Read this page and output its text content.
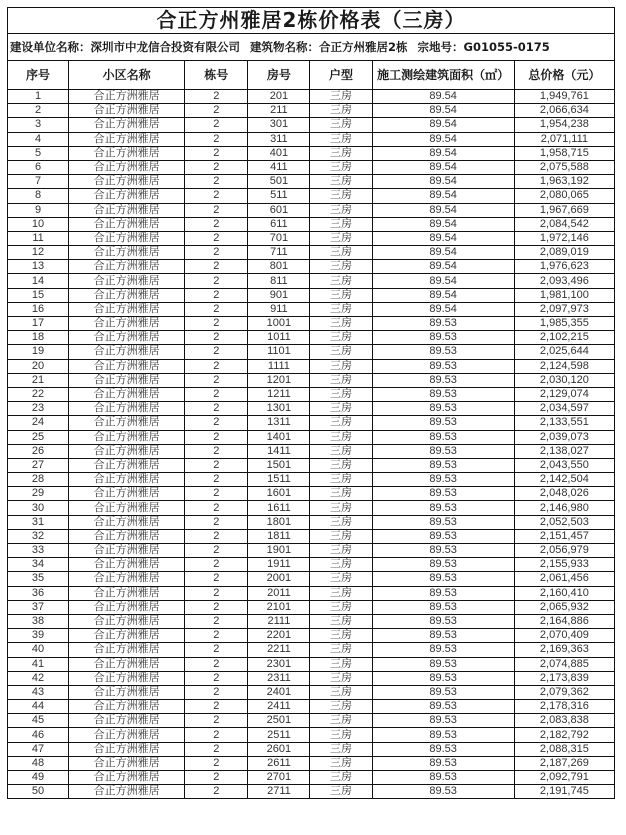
合正方州雅居2栋价格表（三房）						
建设单位名称：深圳市中龙信合投资有限公司 建筑物名称：合正方州雅居2栋 宗地号：G01055-0175						
序号	小区名称	栋号	房号	户型	施工测绘建筑面积（㎡）	总价格（元）
1	合正方洲雅居	2	201	三房	89.54	1,949,761
2	合正方洲雅居	2	211	三房	89.54	2,066,634
3	合正方洲雅居	2	301	三房	89.54	1,954,238
4	合正方洲雅居	2	311	三房	89.54	2,071,111
5	合正方洲雅居	2	401	三房	89.54	1,958,715
6	合正方洲雅居	2	411	三房	89.54	2,075,588
7	合正方洲雅居	2	501	三房	89.54	1,963,192
8	合正方洲雅居	2	511	三房	89.54	2,080,065
9	合正方洲雅居	2	601	三房	89.54	1,967,669
10	合正方洲雅居	2	611	三房	89.54	2,084,542
11	合正方洲雅居	2	701	三房	89.54	1,972,146
12	合正方洲雅居	2	711	三房	89.54	2,089,019
13	合正方洲雅居	2	801	三房	89.54	1,976,623
14	合正方洲雅居	2	811	三房	89.54	2,093,496
15	合正方洲雅居	2	901	三房	89.54	1,981,100
16	合正方洲雅居	2	911	三房	89.54	2,097,973
17	合正方洲雅居	2	1001	三房	89.53	1,985,355
18	合正方洲雅居	2	1011	三房	89.53	2,102,215
19	合正方洲雅居	2	1101	三房	89.53	2,025,644
20	合正方洲雅居	2	1111	三房	89.53	2,124,598
21	合正方洲雅居	2	1201	三房	89.53	2,030,120
22	合正方洲雅居	2	1211	三房	89.53	2,129,074
23	合正方洲雅居	2	1301	三房	89.53	2,034,597
24	合正方洲雅居	2	1311	三房	89.53	2,133,551
25	合正方洲雅居	2	1401	三房	89.53	2,039,073
26	合正方洲雅居	2	1411	三房	89.53	2,138,027
27	合正方洲雅居	2	1501	三房	89.53	2,043,550
28	合正方洲雅居	2	1511	三房	89.53	2,142,504
29	合正方洲雅居	2	1601	三房	89.53	2,048,026
30	合正方洲雅居	2	1611	三房	89.53	2,146,980
31	合正方洲雅居	2	1801	三房	89.53	2,052,503
32	合正方洲雅居	2	1811	三房	89.53	2,151,457
33	合正方洲雅居	2	1901	三房	89.53	2,056,979
34	合正方洲雅居	2	1911	三房	89.53	2,155,933
35	合正方洲雅居	2	2001	三房	89.53	2,061,456
36	合正方洲雅居	2	2011	三房	89.53	2,160,410
37	合正方洲雅居	2	2101	三房	89.53	2,065,932
38	合正方洲雅居	2	2111	三房	89.53	2,164,886
39	合正方洲雅居	2	2201	三房	89.53	2,070,409
40	合正方洲雅居	2	2211	三房	89.53	2,169,363
41	合正方洲雅居	2	2301	三房	89.53	2,074,885
42	合正方洲雅居	2	2311	三房	89.53	2,173,839
43	合正方洲雅居	2	2401	三房	89.53	2,079,362
44	合正方洲雅居	2	2411	三房	89.53	2,178,316
45	合正方洲雅居	2	2501	三房	89.53	2,083,838
46	合正方洲雅居	2	2511	三房	89.53	2,182,792
47	合正方洲雅居	2	2601	三房	89.53	2,088,315
48	合正方洲雅居	2	2611	三房	89.53	2,187,269
49	合正方洲雅居	2	2701	三房	89.53	2,092,791
50	合正方洲雅居	2	2711	三房	89.53	2,191,745
